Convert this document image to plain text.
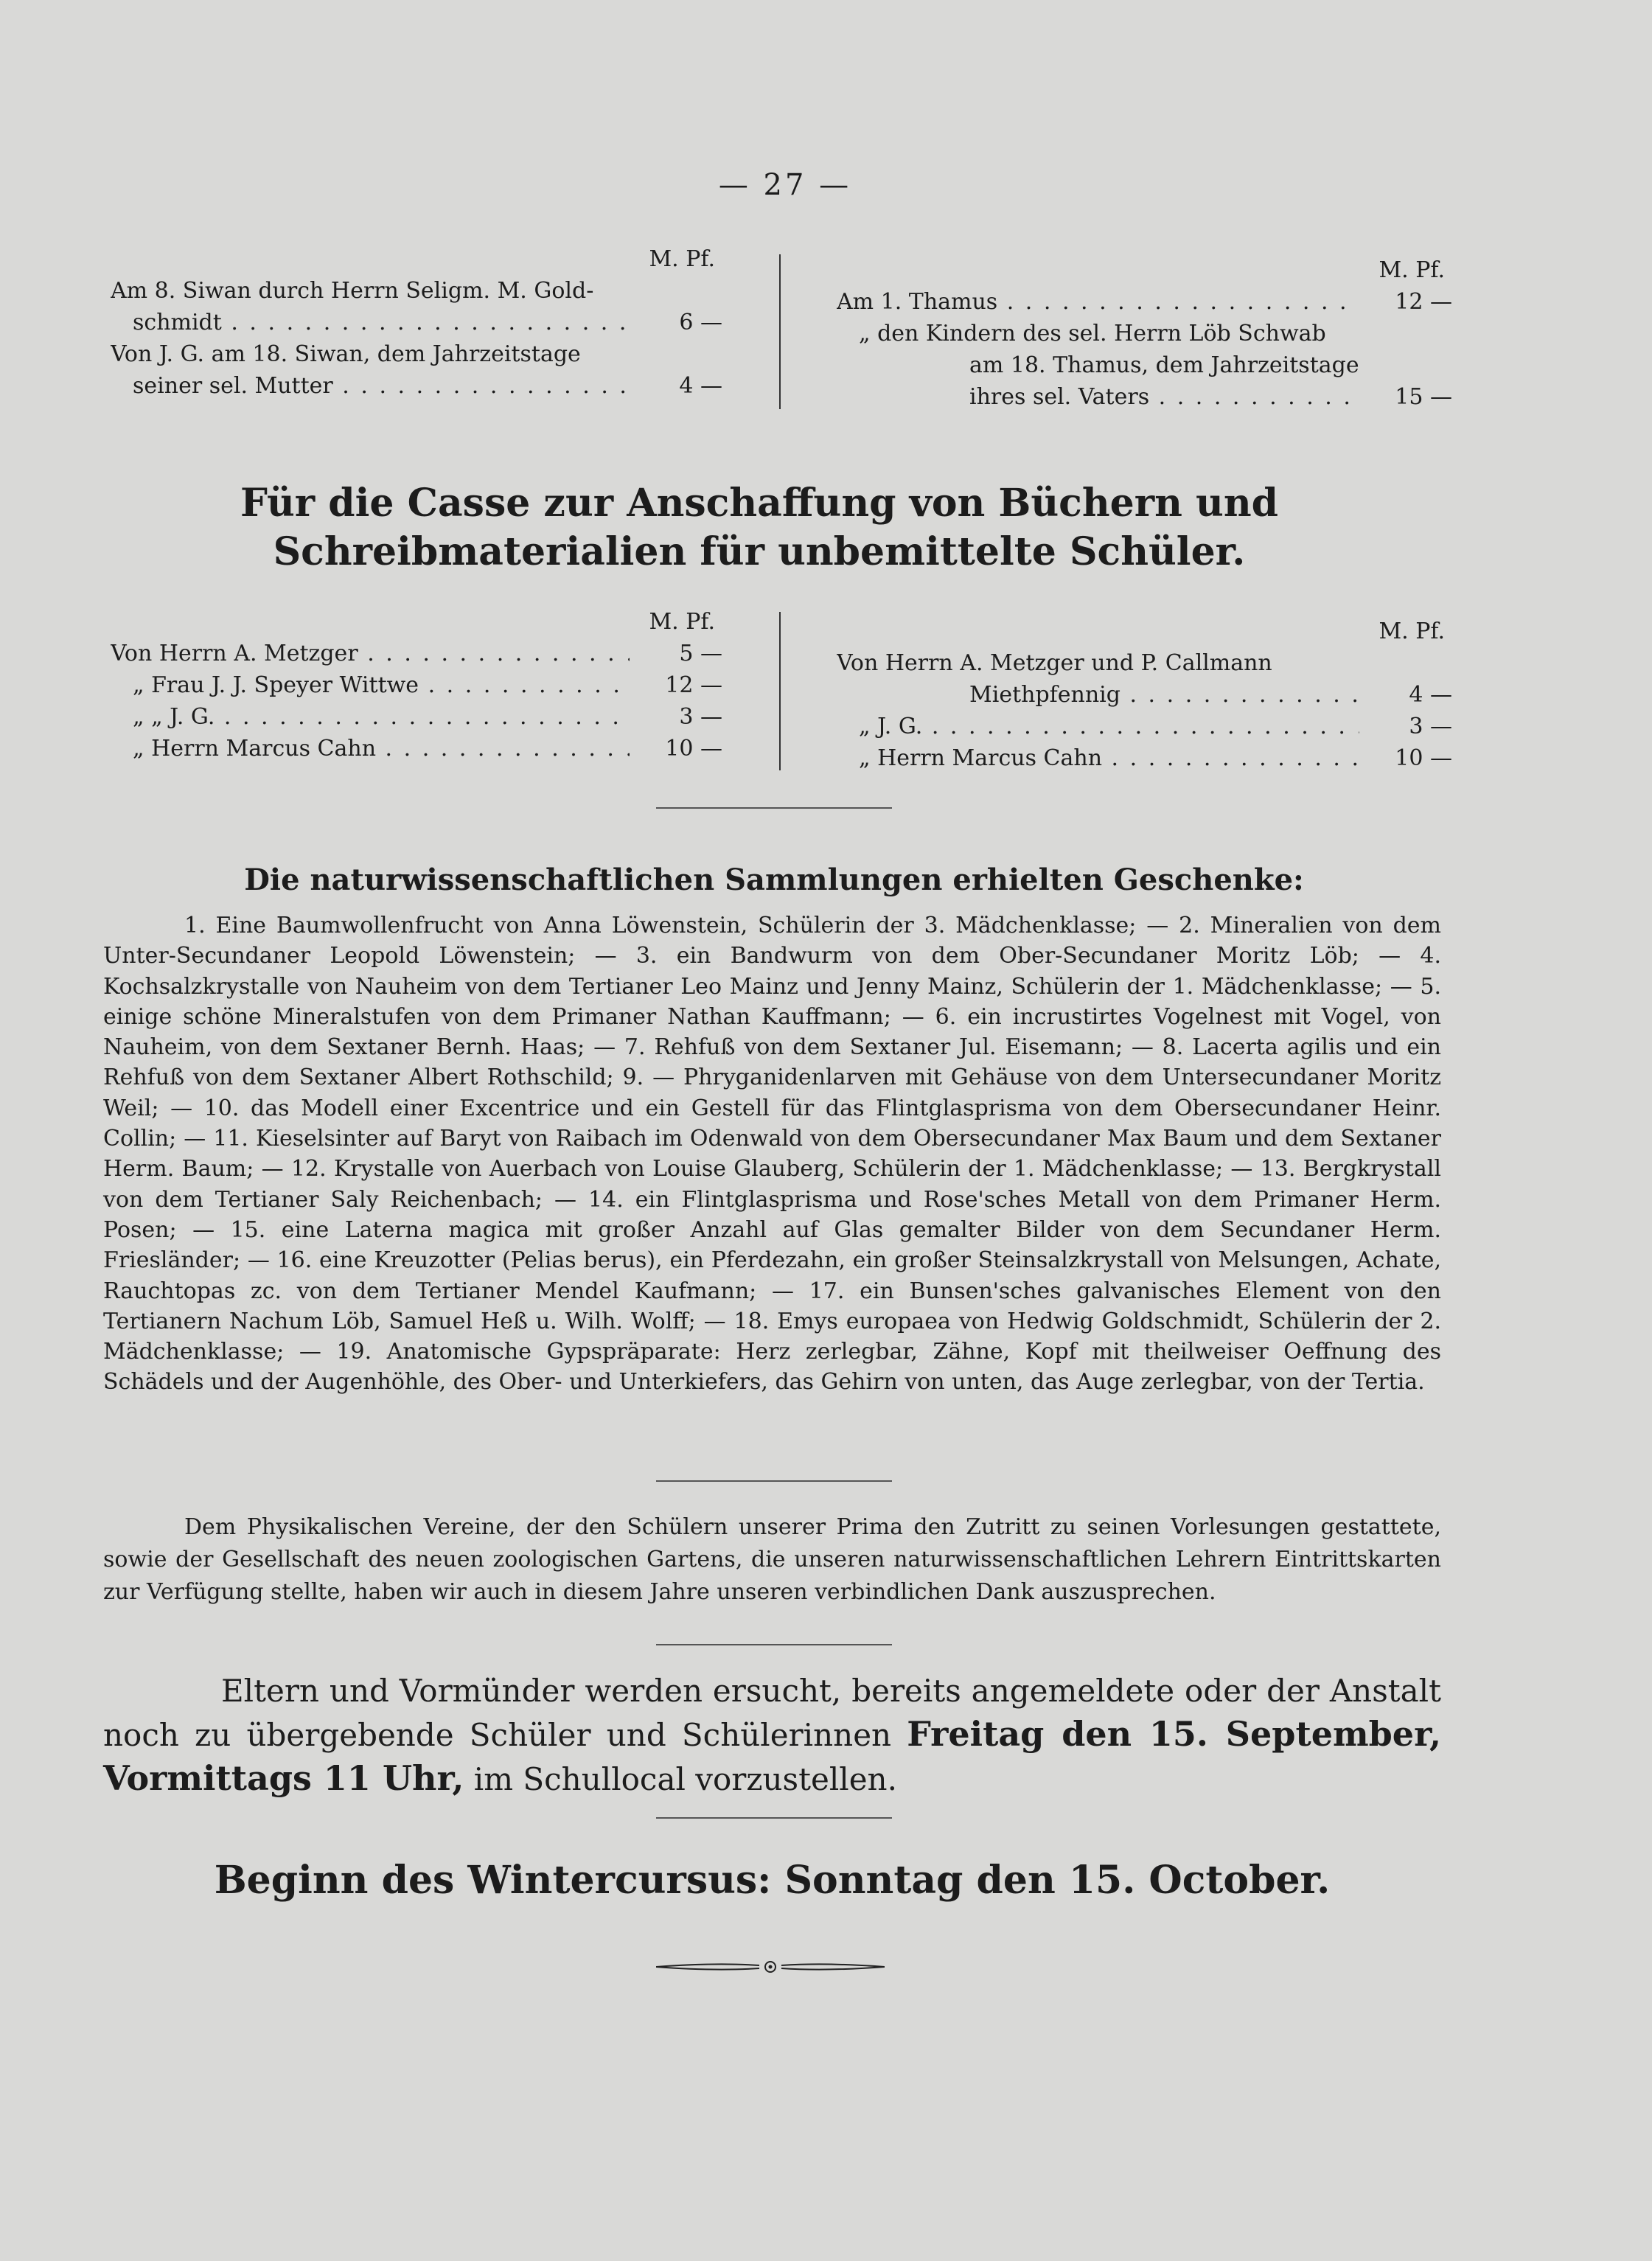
— 27 —
M. Pf.
Am 8. Siwan durch Herrn Seligm. M. Gold-
schmidt . . .	6 —
Von J. G. am 18. Siwan, dem Jahrzeitstage
seiner sel. Mutter . . .	4 —
M. Pf.
Am 1. Thamus . . .	12 —
„ den Kindern des sel. Herrn Löb Schwab
am 18. Thamus, dem Jahrzeitstage
ihres sel. Vaters . . .	15 —
Für die Casse zur Anschaffung von Büchern und Schreibmaterialien für unbemittelte Schüler.
M. Pf.
Von Herrn A. Metzger . . .	5 —
„ Frau J. J. Speyer Wittwe . . .	12 —
„ „ J. G. . . .	3 —
„ Herrn Marcus Cahn . . .	10 —
M. Pf.
Von Herrn A. Metzger und P. Callmann
Miethpfennig . . .	4 —
„ J. G. . . .	3 —
„ Herrn Marcus Cahn . . .	10 —
Die naturwissenschaftlichen Sammlungen erhielten Geschenke:
1. Eine Baumwollenfrucht von Anna Löwenstein, Schülerin der 3. Mädchenklasse; — 2. Mineralien von dem Unter-Secundaner Leopold Löwenstein; — 3. ein Bandwurm von dem Ober-Secundaner Moritz Löb; — 4. Kochsalzkrystalle von Nauheim von dem Tertianer Leo Mainz und Jenny Mainz, Schülerin der 1. Mädchenklasse; — 5. einige schöne Mineralstufen von dem Primaner Nathan Kauffmann; — 6. ein incrustirtes Vogelnest mit Vogel, von Nauheim, von dem Sextaner Bernh. Haas; — 7. Rehfuß von dem Sextaner Jul. Eisemann; — 8. Lacerta agilis und ein Rehfuß von dem Sextaner Albert Rothschild; 9. — Phryganidenlarven mit Gehäuse von dem Untersecundaner Moritz Weil; — 10. das Modell einer Excentrice und ein Gestell für das Flintglasprisma von dem Obersecundaner Heinr. Collin; — 11. Kieselsinter auf Baryt von Raibach im Odenwald von dem Obersecundaner Max Baum und dem Sextaner Herm. Baum; — 12. Krystalle von Auerbach von Louise Glauberg, Schülerin der 1. Mädchenklasse; — 13. Bergkrystall von dem Tertianer Saly Reichenbach; — 14. ein Flintglasprisma und Rose'sches Metall von dem Primaner Herm. Posen; — 15. eine Laterna magica mit großer Anzahl auf Glas gemalter Bilder von dem Secundaner Herm. Friesländer; — 16. eine Kreuzotter (Pelias berus), ein Pferdezahn, ein großer Steinsalzkrystall von Melsungen, Achate, Rauchtopas zc. von dem Tertianer Mendel Kaufmann; — 17. ein Bunsen'sches galvanisches Element von den Tertianern Nachum Löb, Samuel Heß u. Wilh. Wolff; — 18. Emys europaea von Hedwig Goldschmidt, Schülerin der 2. Mädchenklasse; — 19. Anatomische Gypspräparate: Herz zerlegbar, Zähne, Kopf mit theilweiser Oeffnung des Schädels und der Augenhöhle, des Ober- und Unterkiefers, das Gehirn von unten, das Auge zerlegbar, von der Tertia.
Dem Physikalischen Vereine, der den Schülern unserer Prima den Zutritt zu seinen Vorlesungen gestattete, sowie der Gesellschaft des neuen zoologischen Gartens, die unseren naturwissenschaftlichen Lehrern Eintrittskarten zur Verfügung stellte, haben wir auch in diesem Jahre unseren verbindlichen Dank auszusprechen.
Eltern und Vormünder werden ersucht, bereits angemeldete oder der Anstalt noch zu übergebende Schüler und Schülerinnen Freitag den 15. September, Vormittags 11 Uhr, im Schullocal vorzustellen.
Beginn des Wintercursus: Sonntag den 15. October.
